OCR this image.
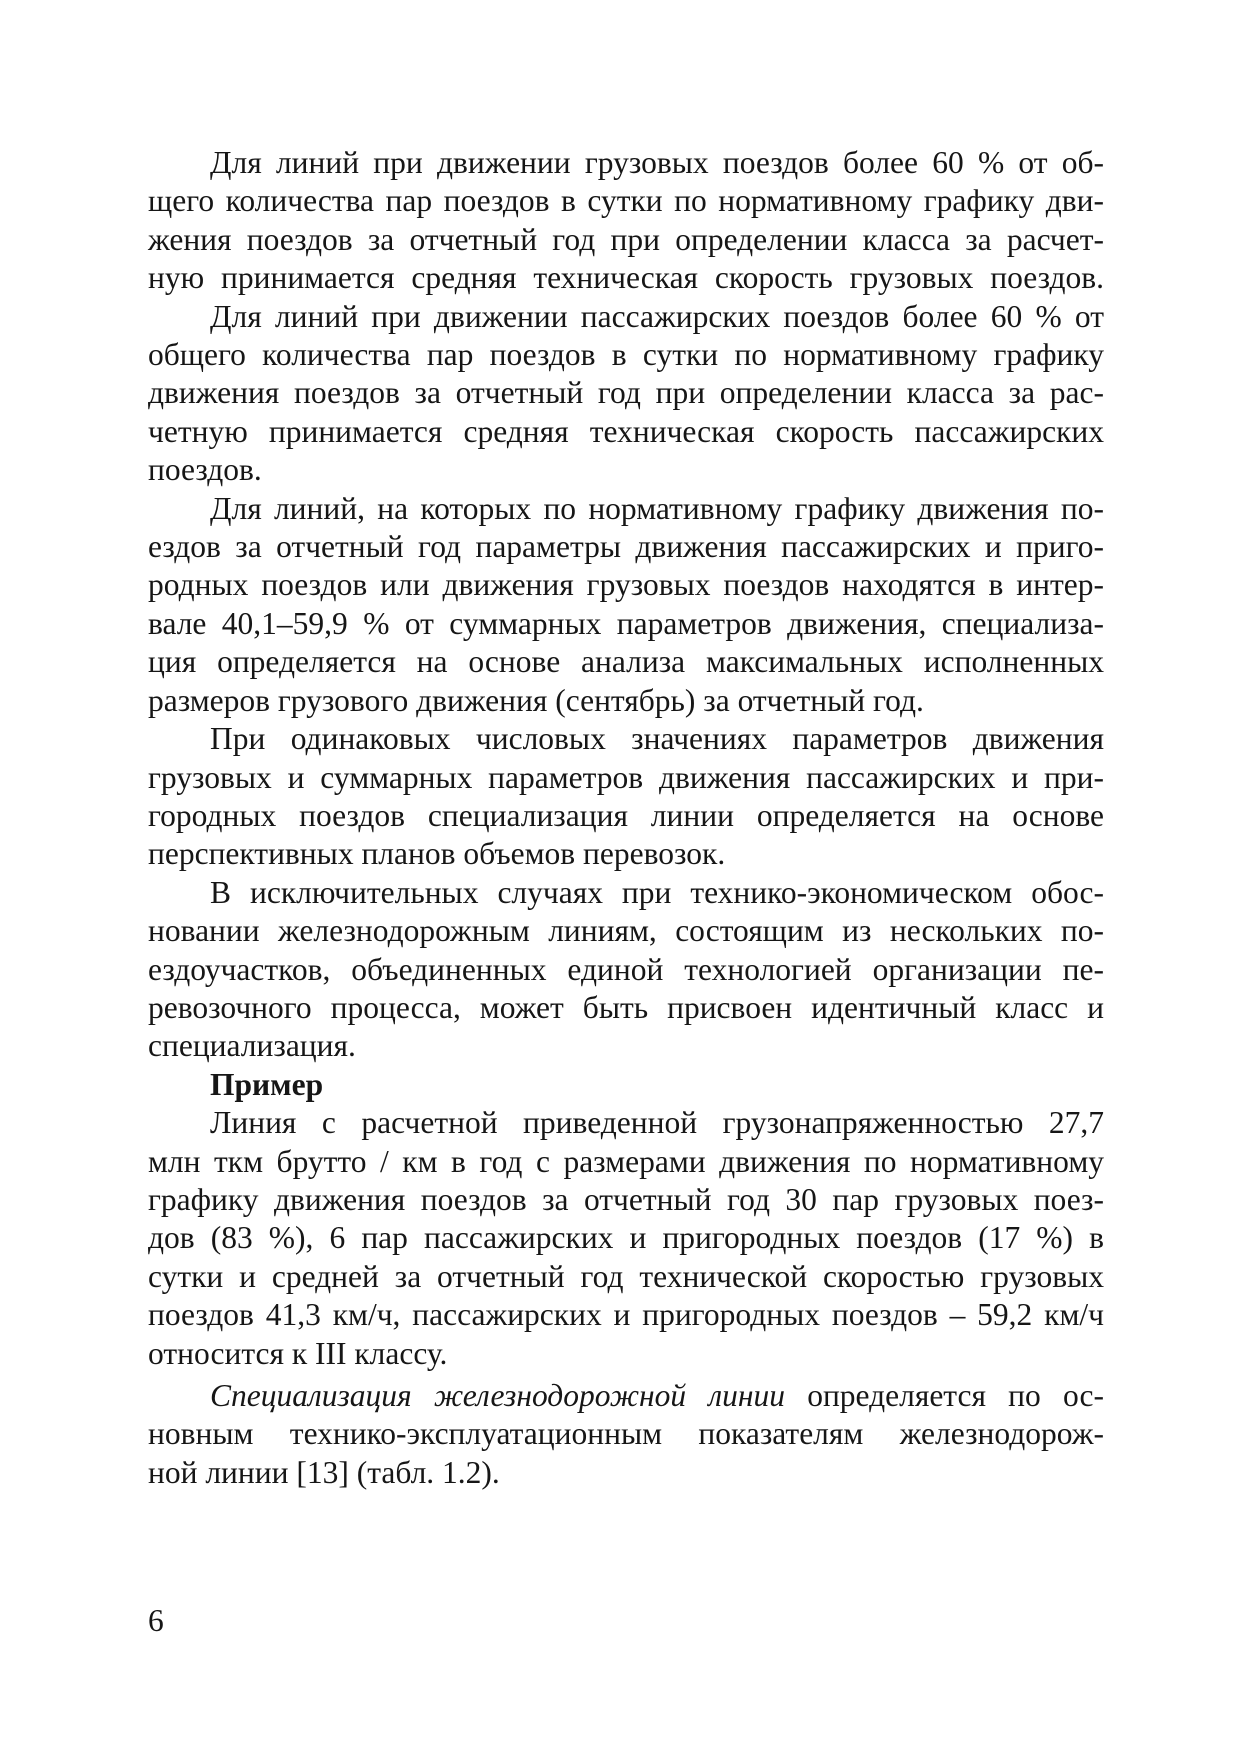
Для линий при движении грузовых поездов более 60 % от об-
щего количества пар поездов в сутки по нормативному графику дви-
жения поездов за отчетный год при определении класса за расчет-
ную принимается средняя техническая скорость грузовых поездов.
Для линий при движении пассажирских поездов более 60 % от
общего количества пар поездов в сутки по нормативному графику
движения поездов за отчетный год при определении класса за рас-
четную принимается средняя техническая скорость пассажирских
поездов.
Для линий, на которых по нормативному графику движения по-
ездов за отчетный год параметры движения пассажирских и приго-
родных поездов или движения грузовых поездов находятся в интер-
вале 40,1–59,9 % от суммарных параметров движения, специализа-
ция определяется на основе анализа максимальных исполненных
размеров грузового движения (сентябрь) за отчетный год.
При одинаковых числовых значениях параметров движения
грузовых и суммарных параметров движения пассажирских и при-
городных поездов специализация линии определяется на основе
перспективных планов объемов перевозок.
В исключительных случаях при технико-экономическом обос-
новании железнодорожным линиям, состоящим из нескольких по-
ездоучастков, объединенных единой технологией организации пе-
ревозочного процесса, может быть присвоен идентичный класс и
специализация.
Пример
Линия с расчетной приведенной грузонапряженностью 27,7
млн ткм брутто / км в год с размерами движения по нормативному
графику движения поездов за отчетный год 30 пар грузовых поез-
дов (83 %), 6 пар пассажирских и пригородных поездов (17 %) в
сутки и средней за отчетный год технической скоростью грузовых
поездов 41,3 км/ч, пассажирских и пригородных поездов – 59,2 км/ч
относится к III классу.
Специализация железнодорожной линии определяется по ос-
новным технико-эксплуатационным показателям железнодорож-
ной линии [13] (табл. 1.2).
6
